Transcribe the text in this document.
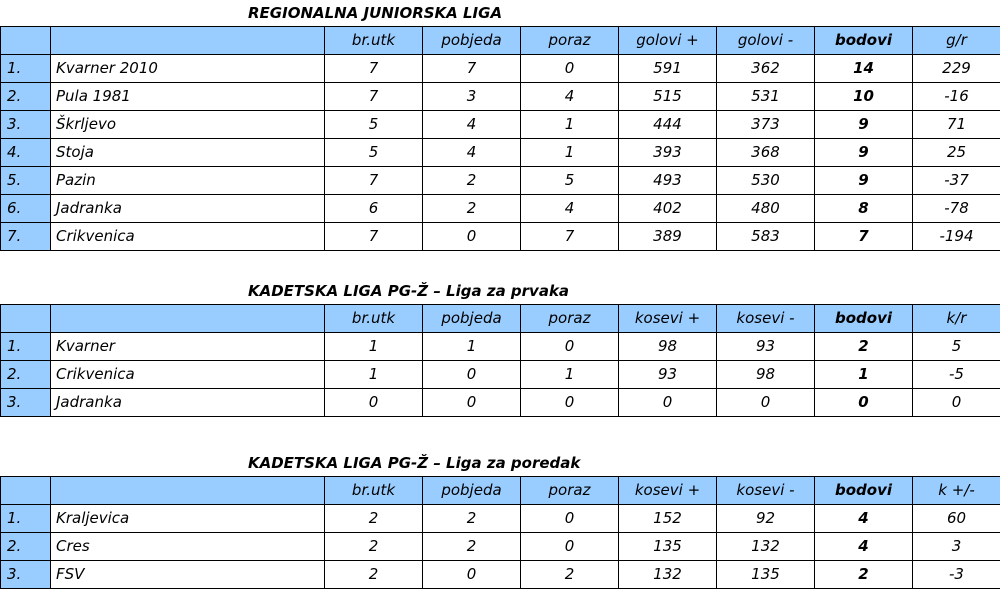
REGIONALNA JUNIORSKA LIGA
		br.utk	pobjeda	poraz	golovi +	golovi -	bodovi	g/r
1.	Kvarner 2010	7	7	0	591	362	14	229
2.	Pula 1981	7	3	4	515	531	10	-16
3.	Škrljevo	5	4	1	444	373	9	71
4.	Stoja	5	4	1	393	368	9	25
5.	Pazin	7	2	5	493	530	9	-37
6.	Jadranka	6	2	4	402	480	8	-78
7.	Crikvenica	7	0	7	389	583	7	-194
KADETSKA LIGA PG-Ž – Liga za prvaka
		br.utk	pobjeda	poraz	kosevi +	kosevi -	bodovi	k/r
1.	Kvarner	1	1	0	98	93	2	5
2.	Crikvenica	1	0	1	93	98	1	-5
3.	Jadranka	0	0	0	0	0	0	0
KADETSKA LIGA PG-Ž – Liga za poredak
		br.utk	pobjeda	poraz	kosevi +	kosevi -	bodovi	k +/-
1.	Kraljevica	2	2	0	152	92	4	60
2.	Cres	2	2	0	135	132	4	3
3.	FSV	2	0	2	132	135	2	-3
